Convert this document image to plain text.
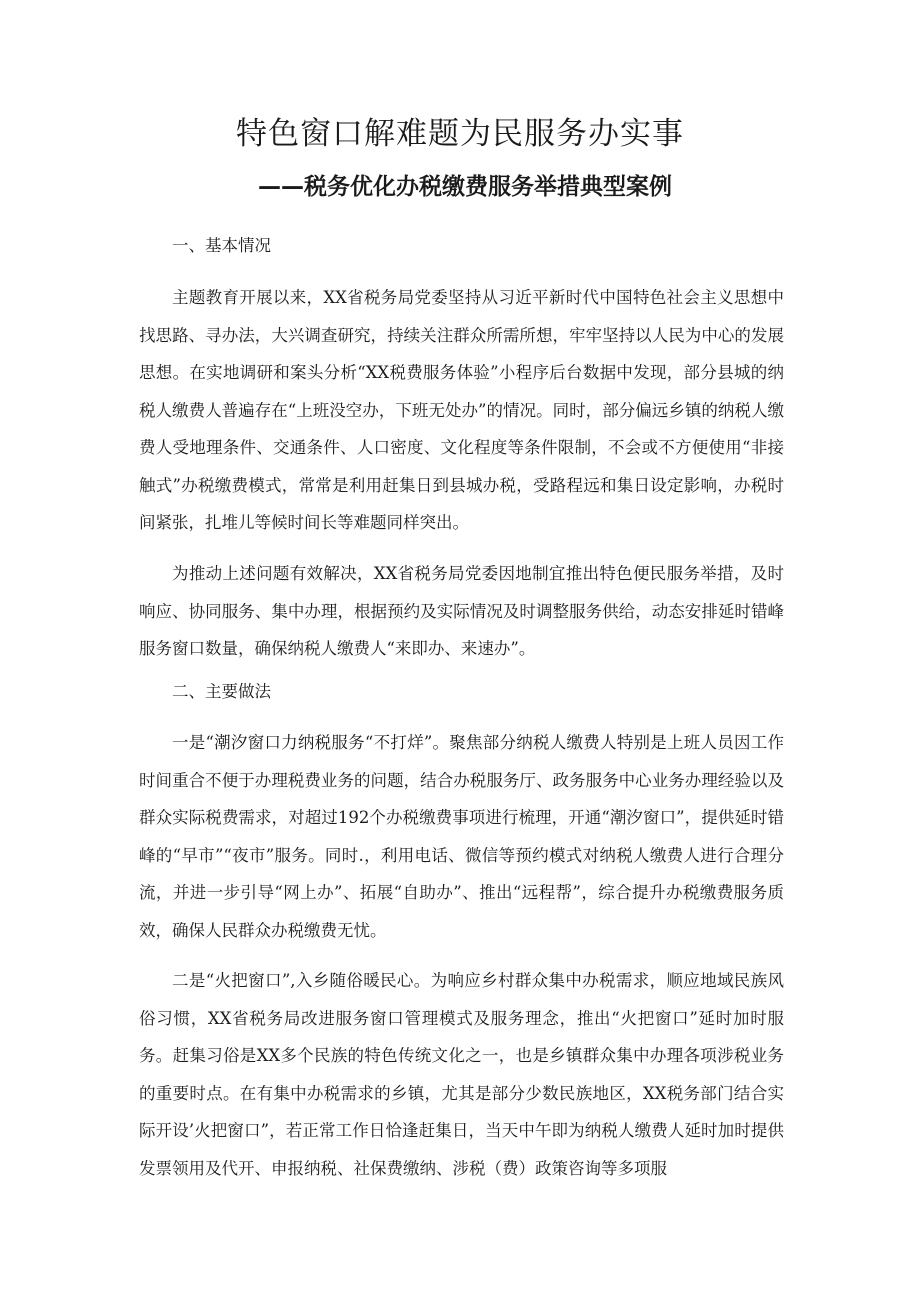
特色窗口解难题为民服务办实事
——税务优化办税缴费服务举措典型案例

一、基本情况

主题教育开展以来，XX省税务局党委坚持从习近平新时代中国特色社会主义思想中找思路、寻办法，大兴调查研究，持续关注群众所需所想，牢牢坚持以人民为中心的发展思想。在实地调研和案头分析“XX税费服务体验”小程序后台数据中发现，部分县城的纳税人缴费人普遍存在“上班没空办，下班无处办”的情况。同时，部分偏远乡镇的纳税人缴费人受地理条件、交通条件、人口密度、文化程度等条件限制，不会或不方便使用“非接触式”办税缴费模式，常常是利用赶集日到县城办税，受路程远和集日设定影响，办税时间紧张，扎堆儿等候时间长等难题同样突出。

为推动上述问题有效解决，XX省税务局党委因地制宜推出特色便民服务举措，及时响应、协同服务、集中办理，根据预约及实际情况及时调整服务供给，动态安排延时错峰服务窗口数量，确保纳税人缴费人“来即办、来速办”。

二、主要做法

一是“潮汐窗口力纳税服务“不打烊”。聚焦部分纳税人缴费人特别是上班人员因工作时间重合不便于办理税费业务的问题，结合办税服务厅、政务服务中心业务办理经验以及群众实际税费需求，对超过192个办税缴费事项进行梳理，开通“潮汐窗口”，提供延时错峰的“早市”“夜市”服务。同时.，利用电话、微信等预约模式对纳税人缴费人进行合理分流，并进一步引导“网上办”、拓展“自助办”、推出“远程帮”，综合提升办税缴费服务质效，确保人民群众办税缴费无忧。

二是“火把窗口”,入乡随俗暖民心。为响应乡村群众集中办税需求，顺应地域民族风俗习惯，XX省税务局改进服务窗口管理模式及服务理念，推出“火把窗口”延时加时服务。赶集习俗是XX多个民族的特色传统文化之一，也是乡镇群众集中办理各项涉税业务的重要时点。在有集中办税需求的乡镇，尤其是部分少数民族地区，XX税务部门结合实际开设’火把窗口”，若正常工作日恰逢赶集日，当天中午即为纳税人缴费人延时加时提供发票领用及代开、申报纳税、社保费缴纳、涉税（费）政策咨询等多项服
